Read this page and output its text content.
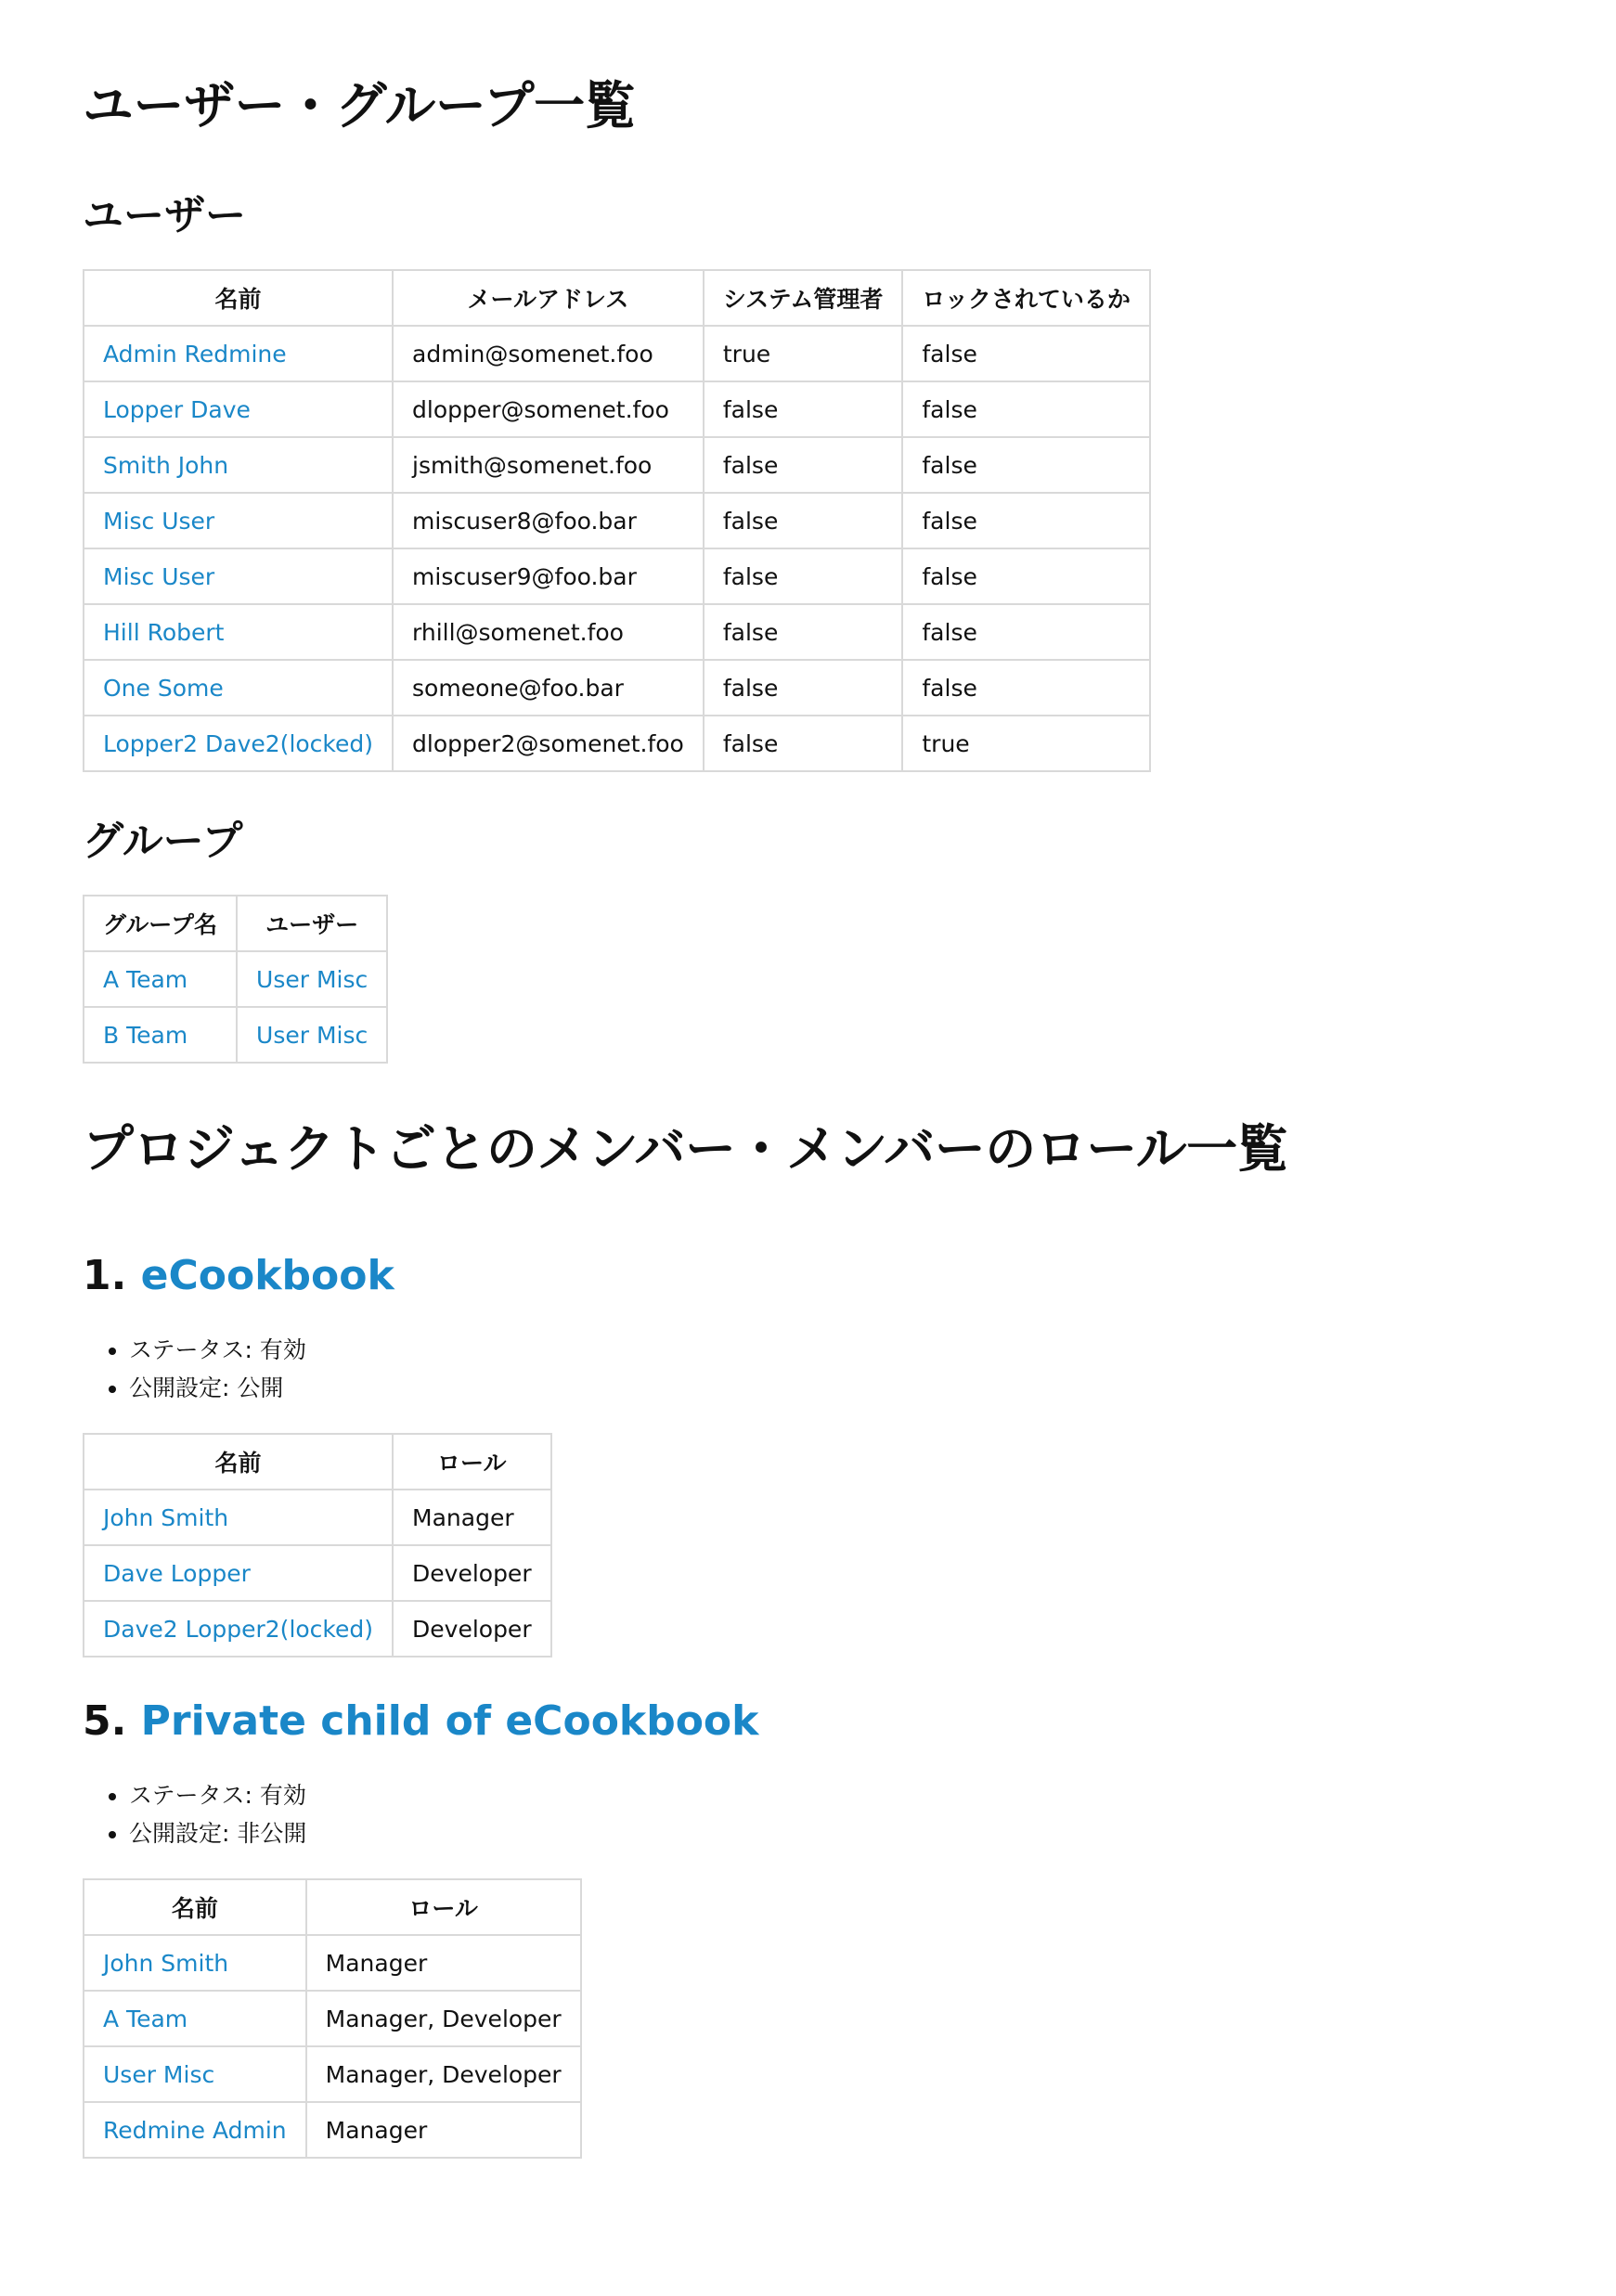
ユーザー・グループ一覧
ユーザー
名前	メールアドレス	システム管理者	ロックされているか
Admin Redmine	admin@somenet.foo	true	false
Lopper Dave	dlopper@somenet.foo	false	false
Smith John	jsmith@somenet.foo	false	false
Misc User	miscuser8@foo.bar	false	false
Misc User	miscuser9@foo.bar	false	false
Hill Robert	rhill@somenet.foo	false	false
One Some	someone@foo.bar	false	false
Lopper2 Dave2(locked)	dlopper2@somenet.foo	false	true
グループ
グループ名	ユーザー
A Team	User Misc
B Team	User Misc
プロジェクトごとのメンバー・メンバーのロール一覧
1. eCookbook
• ステータス: 有効
• 公開設定: 公開
名前	ロール
John Smith	Manager
Dave Lopper	Developer
Dave2 Lopper2(locked)	Developer
5. Private child of eCookbook
• ステータス: 有効
• 公開設定: 非公開
名前	ロール
John Smith	Manager
A Team	Manager, Developer
User Misc	Manager, Developer
Redmine Admin	Manager
